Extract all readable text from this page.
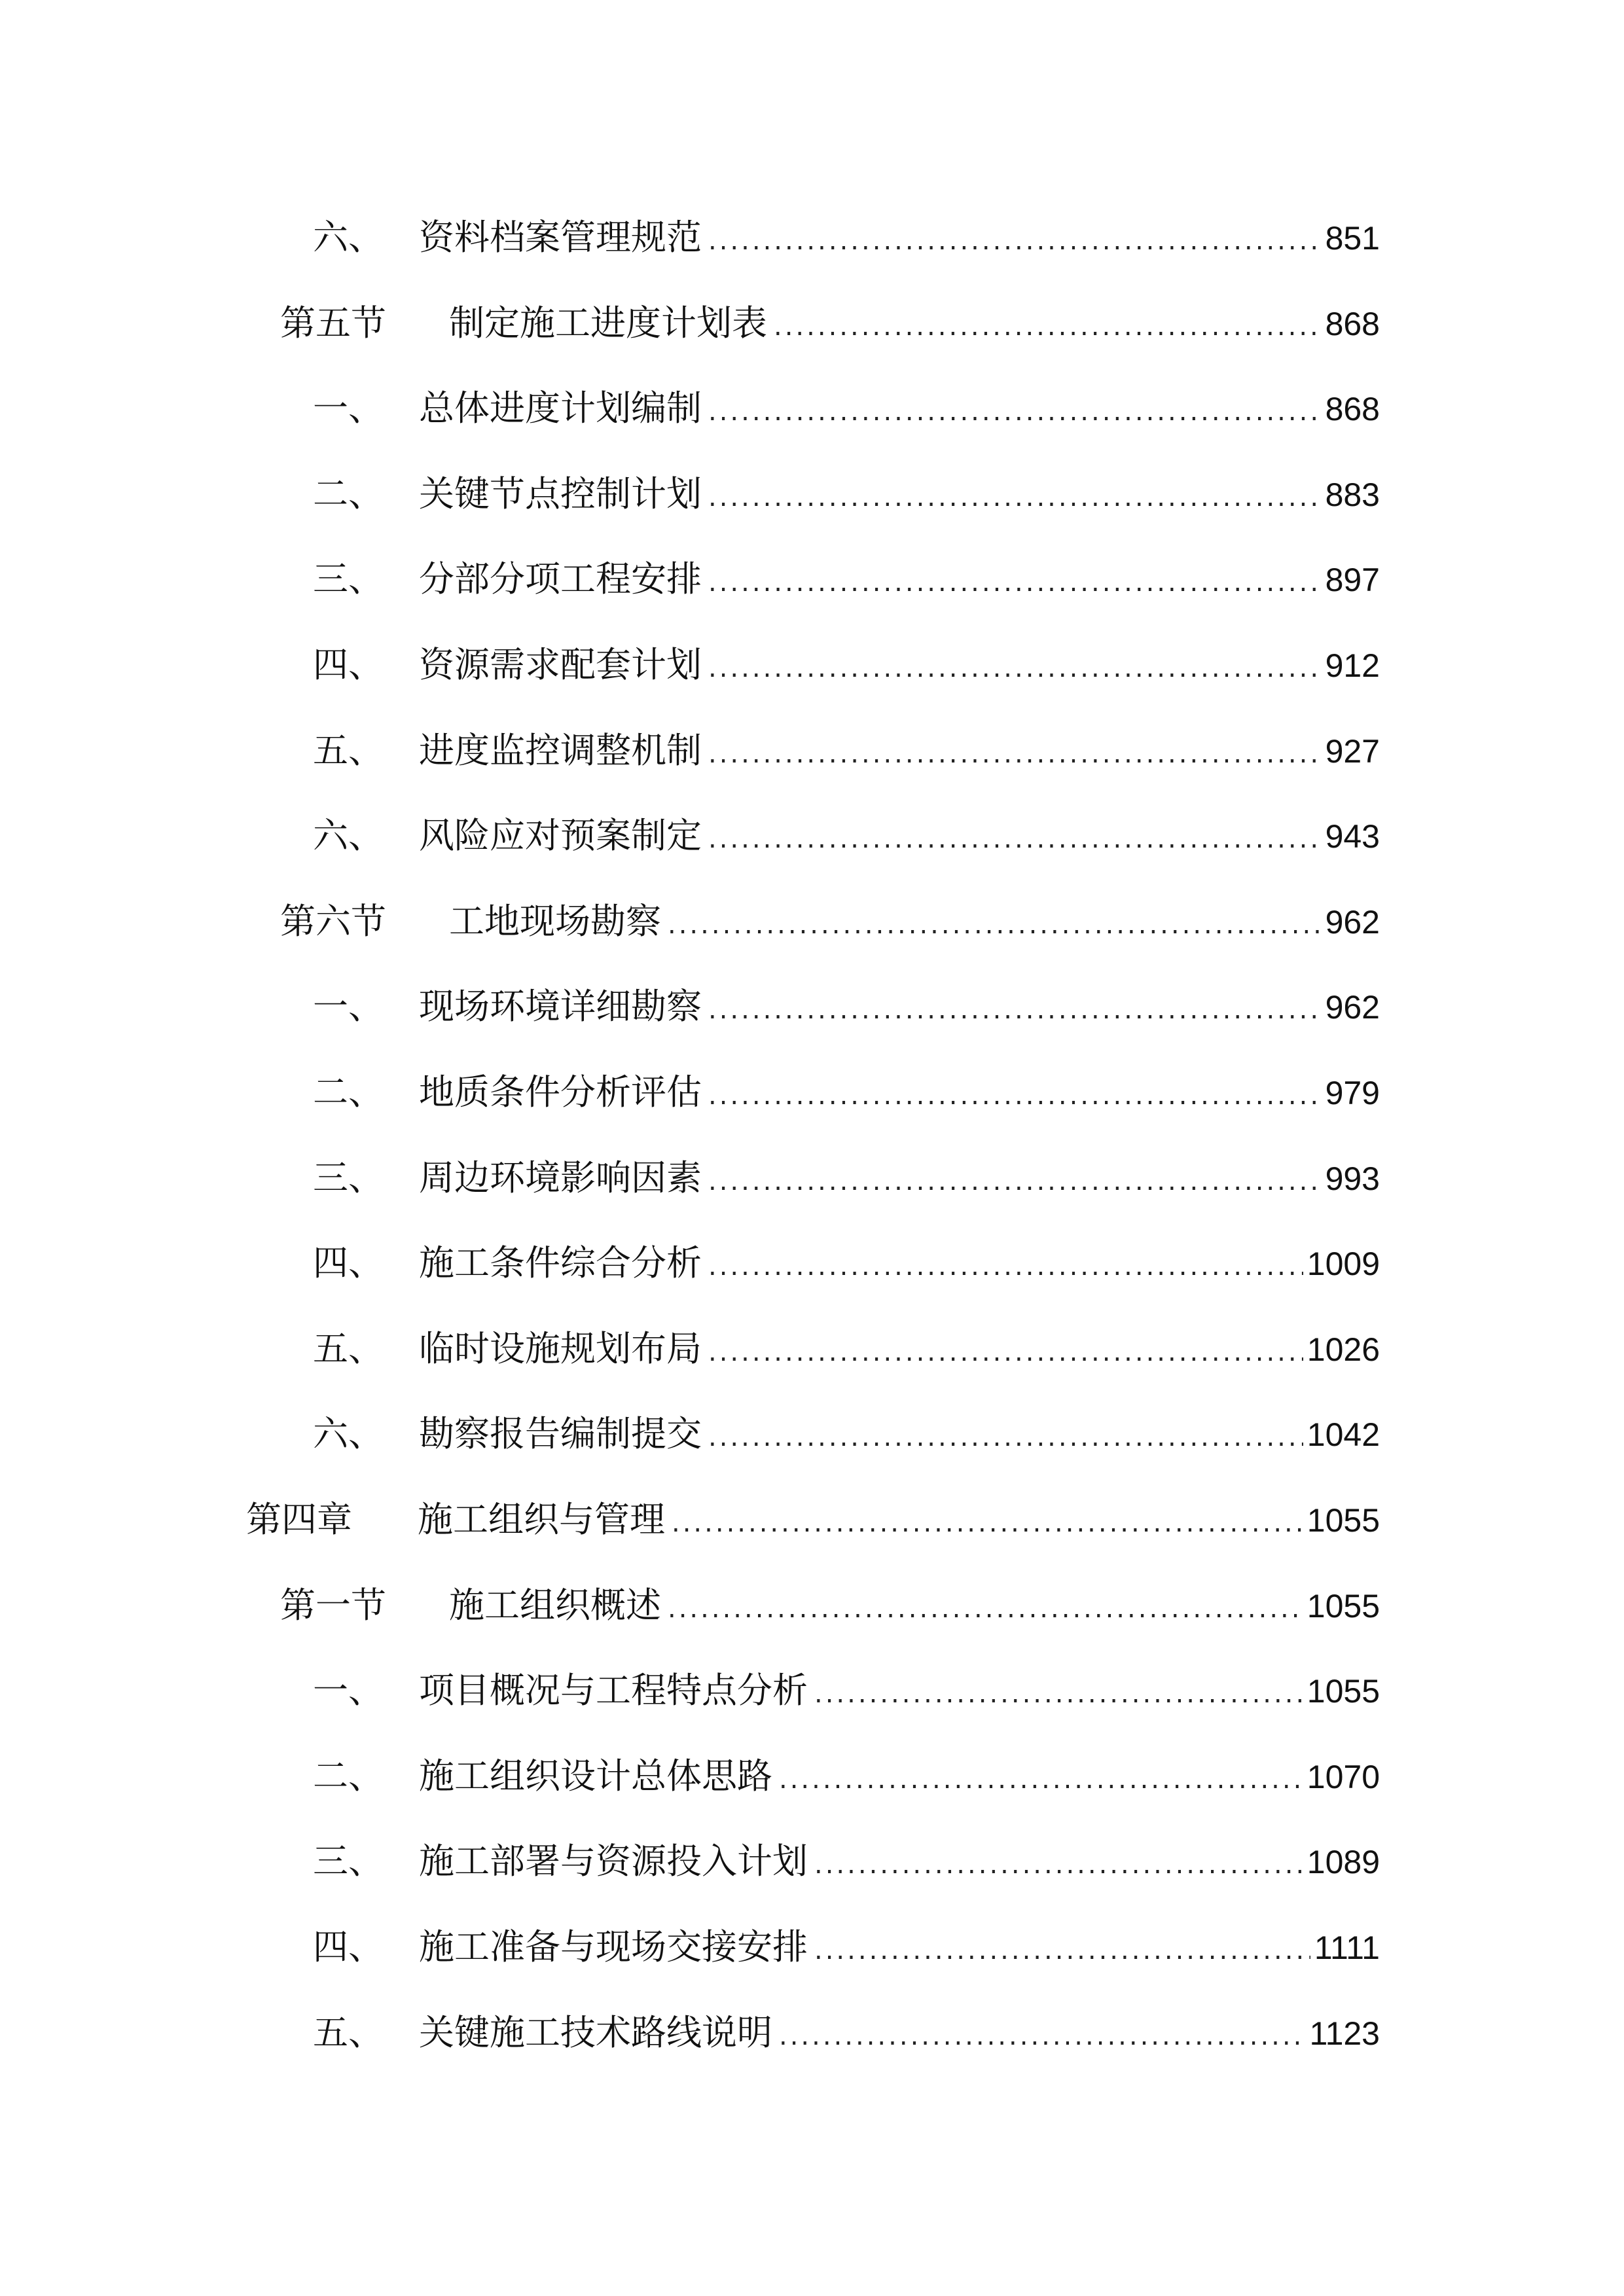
六、	资料档案管理规范 .....	851
第五节	制定施工进度计划表 .....	868
一、	总体进度计划编制 .....	868
二、	关键节点控制计划 .....	883
三、	分部分项工程安排 .....	897
四、	资源需求配套计划 .....	912
五、	进度监控调整机制 .....	927
六、	风险应对预案制定 .....	943
第六节	工地现场勘察 .....	962
一、	现场环境详细勘察 .....	962
二、	地质条件分析评估 .....	979
三、	周边环境影响因素 .....	993
四、	施工条件综合分析 .....	1009
五、	临时设施规划布局 .....	1026
六、	勘察报告编制提交 .....	1042
第四章	施工组织与管理 .....	1055
第一节	施工组织概述 .....	1055
一、	项目概况与工程特点分析 .....	1055
二、	施工组织设计总体思路 .....	1070
三、	施工部署与资源投入计划 .....	1089
四、	施工准备与现场交接安排 .....	1111
五、	关键施工技术路线说明 .....	1123
